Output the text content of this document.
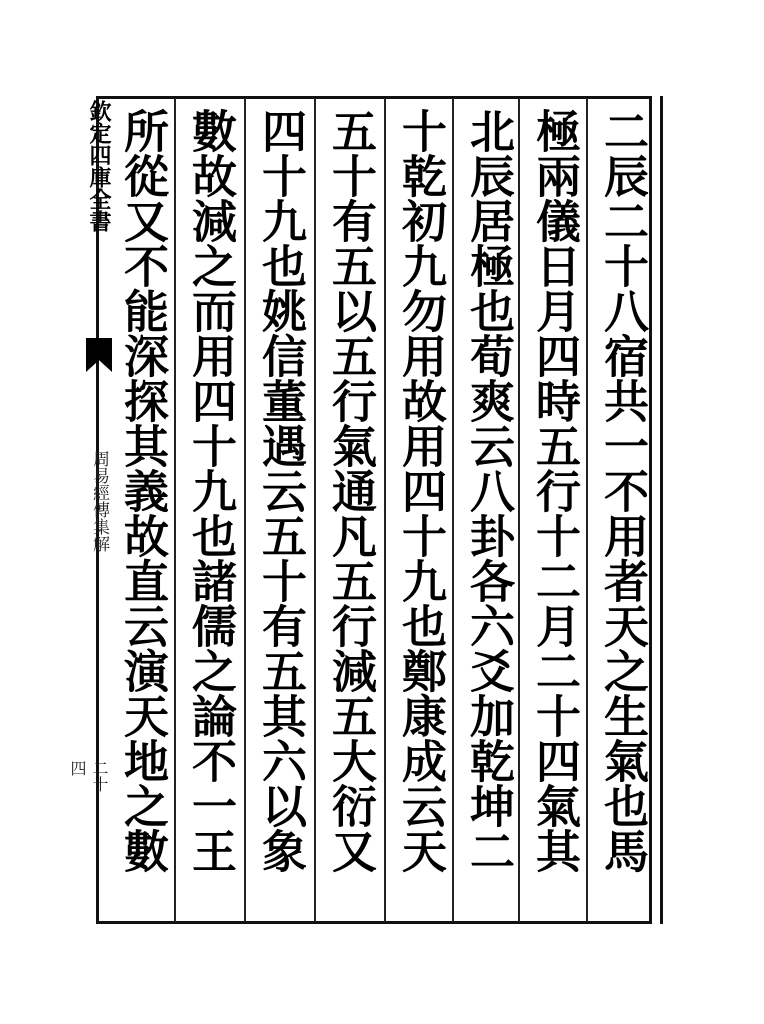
欽定四庫全書
周易經傳集解
二十四
二辰二十八宿共一不用者天之生氣也馬
極兩儀日月四時五行十二月二十四氣其
北辰居極也荀爽云八卦各六爻加乾坤二
十乾初九勿用故用四十九也鄭康成云天
五十有五以五行氣通凡五行減五大衍又
四十九也姚信董遇云五十有五其六以象
數故減之而用四十九也諸儒之論不一王
所從又不能深探其義故直云演天地之數
